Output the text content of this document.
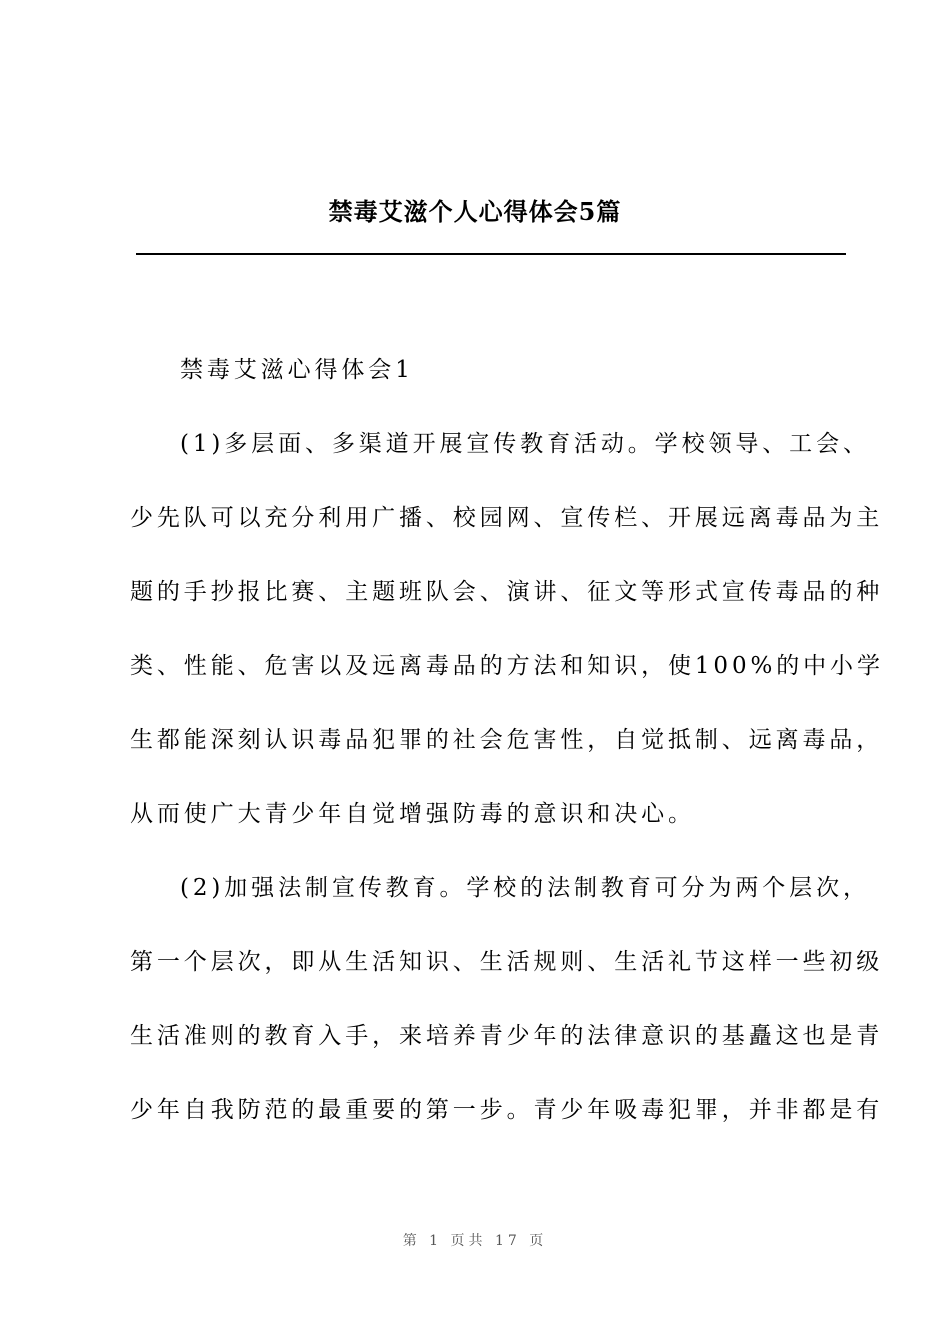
禁毒艾滋个人心得体会5篇
禁毒艾滋心得体会1
(1)多层面、多渠道开展宣传教育活动。学校领导、工会、
少先队可以充分利用广播、校园网、宣传栏、开展远离毒品为主
题的手抄报比赛、主题班队会、演讲、征文等形式宣传毒品的种
类、性能、危害以及远离毒品的方法和知识，使100%的中小学
生都能深刻认识毒品犯罪的社会危害性，自觉抵制、远离毒品，
从而使广大青少年自觉增强防毒的意识和决心。
(2)加强法制宣传教育。学校的法制教育可分为两个层次，
第一个层次，即从生活知识、生活规则、生活礼节这样一些初级
生活准则的教育入手，来培养青少年的法律意识的基矗这也是青
少年自我防范的最重要的第一步。青少年吸毒犯罪，并非都是有
第 1 页共 17 页
